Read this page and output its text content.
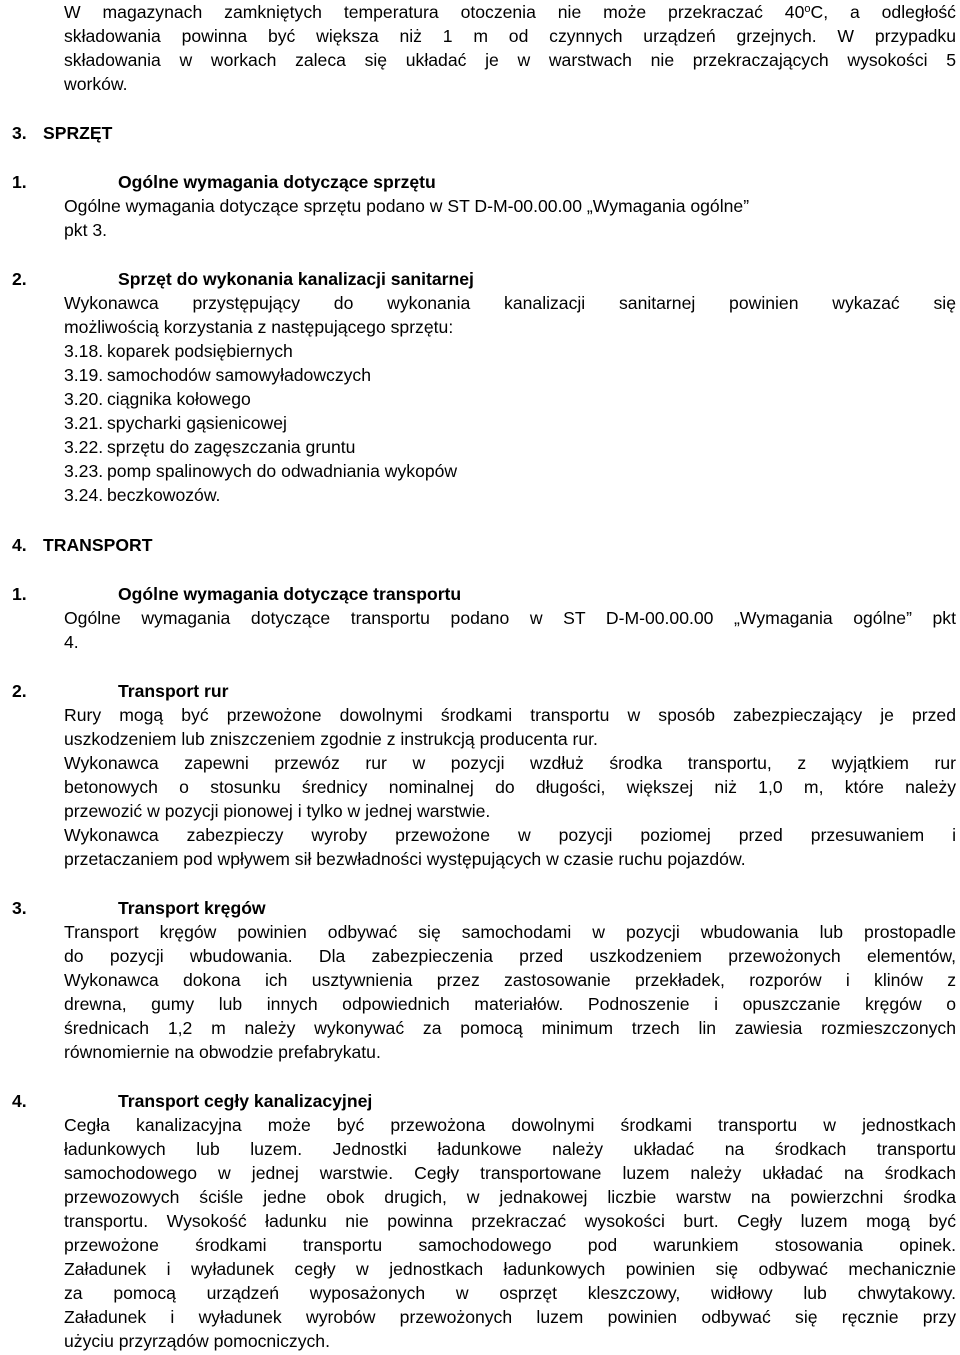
W magazynach zamkniętych temperatura otoczenia nie może przekraczać 40$^o$C, a odległość
składowania powinna być większa niż 1 m od czynnych urządzeń grzejnych. W przypadku
składowania w workach zaleca się układać je w warstwach nie przekraczających wysokości 5
worków.
3. SPRZĘT
1.	Ogólne wymagania dotyczące sprzętu
Ogólne wymagania dotyczące sprzętu podano w ST D-M-00.00.00 „Wymagania ogólne”
pkt 3.
2.	Sprzęt do wykonania kanalizacji sanitarnej
Wykonawca przystępujący do wykonania kanalizacji sanitarnej powinien wykazać się
możliwością korzystania z następującego sprzętu:
3.18. koparek podsiębiernych
3.19. samochodów samowyładowczych
3.20. ciągnika kołowego
3.21. spycharki gąsienicowej
3.22. sprzętu do zagęszczania gruntu
3.23. pomp spalinowych do odwadniania wykopów
3.24. beczkowozów.
4. TRANSPORT
1.	Ogólne wymagania dotyczące transportu
Ogólne wymagania dotyczące transportu podano w ST D-M-00.00.00 „Wymagania ogólne” pkt
4.
2.	Transport rur
Rury mogą być przewożone dowolnymi środkami transportu w sposób zabezpieczający je przed
uszkodzeniem lub zniszczeniem zgodnie z instrukcją producenta rur.
Wykonawca zapewni przewóz rur w pozycji wzdłuż środka transportu, z wyjątkiem rur
betonowych o stosunku średnicy nominalnej do długości, większej niż 1,0 m, które należy
przewozić w pozycji pionowej i tylko w jednej warstwie.
Wykonawca zabezpieczy wyroby przewożone w pozycji poziomej przed przesuwaniem i
przetaczaniem pod wpływem sił bezwładności występujących w czasie ruchu pojazdów.
3.	Transport kręgów
Transport kręgów powinien odbywać się samochodami w pozycji wbudowania lub prostopadle
do pozycji wbudowania. Dla zabezpieczenia przed uszkodzeniem przewożonych elementów,
Wykonawca dokona ich usztywnienia przez zastosowanie przekładek, rozporów i klinów z
drewna, gumy lub innych odpowiednich materiałów. Podnoszenie i opuszczanie kręgów o
średnicach 1,2 m należy wykonywać za pomocą minimum trzech lin zawiesia rozmieszczonych
równomiernie na obwodzie prefabrykatu.
4.	Transport cegły kanalizacyjnej
Cegła kanalizacyjna może być przewożona dowolnymi środkami transportu w jednostkach
ładunkowych lub luzem. Jednostki ładunkowe należy układać na środkach transportu
samochodowego w jednej warstwie. Cegły transportowane luzem należy układać na środkach
przewozowych ściśle jedne obok drugich, w jednakowej liczbie warstw na powierzchni środka
transportu. Wysokość ładunku nie powinna przekraczać wysokości burt. Cegły luzem mogą być
przewożone środkami transportu samochodowego pod warunkiem stosowania opinek.
Załadunek i wyładunek cegły w jednostkach ładunkowych powinien się odbywać mechanicznie
za pomocą urządzeń wyposażonych w osprzęt kleszczowy, widłowy lub chwytakowy.
Załadunek i wyładunek wyrobów przewożonych luzem powinien odbywać się ręcznie przy
użyciu przyrządów pomocniczych.
